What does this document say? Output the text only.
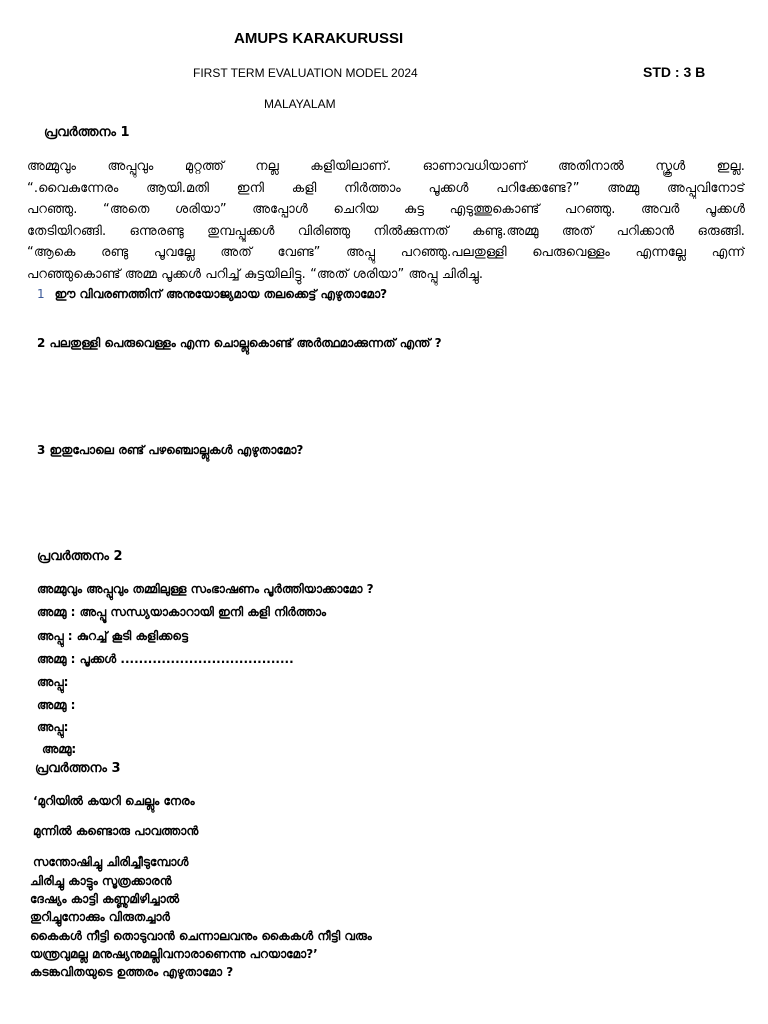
AMUPS KARAKURUSSI
FIRST TERM EVALUATION MODEL 2024	STD : 3 B
MALAYALAM
പ്രവർത്തനം 1
അമ്മുവും അപ്പുവും മുറ്റത്ത് നല്ല കളിയിലാണ്. ഓണാവധിയാണ് അതിനാൽ സ്കൂൾ ഇല്ല.
“.വൈകുന്നേരം ആയി.മതി ഇനി കളി നിർത്താം പൂക്കൾ പറിക്കേണ്ടേ?” അമ്മു അപ്പുവിനോട്
പറഞ്ഞു. “അതെ ശരിയാ” അപ്പോൾ ചെറിയ കുട്ട എടുത്തുകൊണ്ട് പറഞ്ഞു. അവർ പൂക്കൾ
തേടിയിറങ്ങി. ഒന്നുരണ്ടു തുമ്പപ്പൂക്കൾ വിരിഞ്ഞു നിൽക്കുന്നത് കണ്ടു.അമ്മു അത് പറിക്കാൻ ഒരുങ്ങി.
“ആകെ രണ്ടു പൂവല്ലേ അത് വേണ്ട” അപ്പു പറഞ്ഞു.പലതുള്ളി പെരുവെള്ളം എന്നല്ലേ എന്ന്
പറഞ്ഞുകൊണ്ട് അമ്മ പൂക്കൾ പറിച്ച് കുട്ടയിലിട്ടു. “അത് ശരിയാ” അപ്പു ചിരിച്ചു.
1 ഈ വിവരണത്തിന് അനുയോജ്യമായ തലക്കെട്ട് എഴുതാമോ?
2 പലതുള്ളി പെരുവെള്ളം എന്ന ചൊല്ലുകൊണ്ട് അർത്ഥമാക്കുന്നത് എന്ത് ?
3 ഇതുപോലെ രണ്ട് പഴഞ്ചൊല്ലുകൾ എഴുതാമോ?
പ്രവർത്തനം 2
അമ്മുവും അപ്പുവും തമ്മിലുള്ള സംഭാഷണം പൂർത്തിയാക്കാമോ ?
അമ്മു : അപ്പൂ സന്ധ്യയാകാറായി ഇനി കളി നിർത്താം
അപ്പു : കുറച്ച് കൂടി കളിക്കട്ടെ
അമ്മു : പൂക്കൾ ......................................
അപ്പു:
അമ്മു :
അപ്പു:
അമ്മു:
പ്രവർത്തനം 3
‘മുറിയിൽ കയറി ചെല്ലും നേരം
മുന്നിൽ കണ്ടൊരു പാവത്താൻ
സന്തോഷിച്ചു ചിരിച്ചീടുമ്പോൾ
ചിരിച്ചു കാട്ടും സൂത്രക്കാരൻ
ദേഷ്യം കാട്ടി കണ്ണുമിഴിച്ചാൽ
തുറിച്ചുനോക്കും വിരുതച്ചാർ
കൈകൾ നീട്ടി തൊടുവാൻ ചെന്നാലവനും കൈകൾ നീട്ടി വരും
യന്ത്രവുമല്ല മനുഷ്യനുമല്ലിവനാരാണെന്നു പറയാമോ?’
കടങ്കവിതയുടെ ഉത്തരം എഴുതാമോ ?
